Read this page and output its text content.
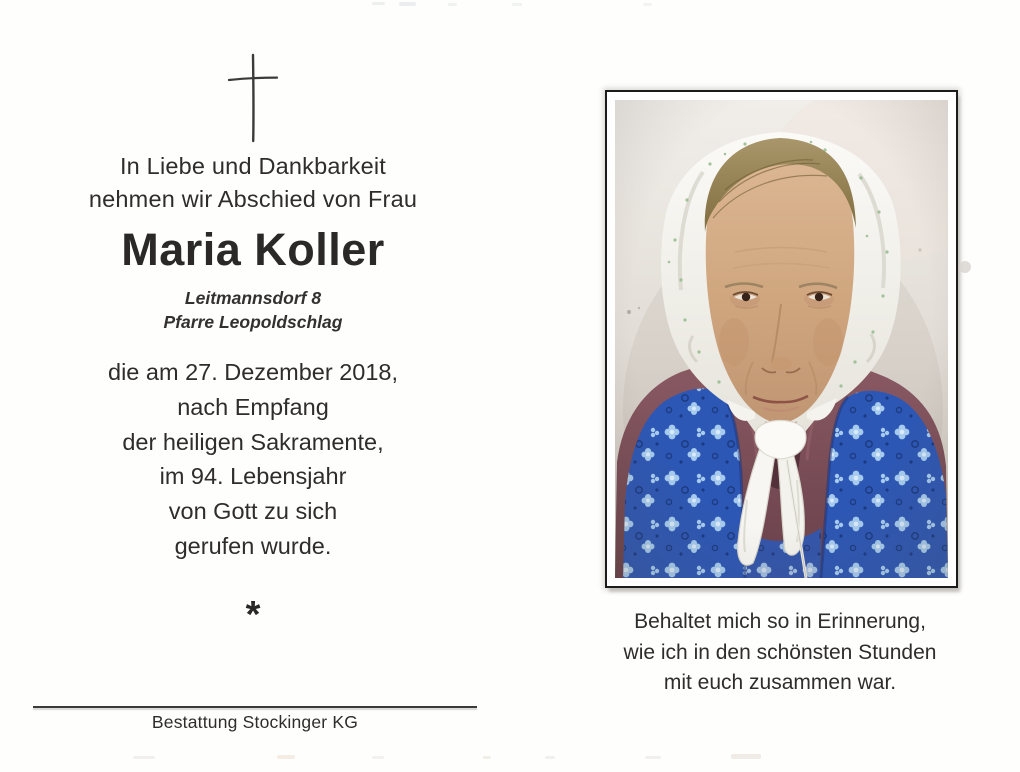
In Liebe und Dankbarkeit
nehmen wir Abschied von Frau
Maria Koller
Leitmannsdorf 8
Pfarre Leopoldschlag
die am 27. Dezember 2018,
nach Empfang
der heiligen Sakramente,
im 94. Lebensjahr
von Gott zu sich
gerufen wurde.
*
Bestattung Stockinger KG
Behaltet mich so in Erinnerung,
wie ich in den schönsten Stunden
mit euch zusammen war.
